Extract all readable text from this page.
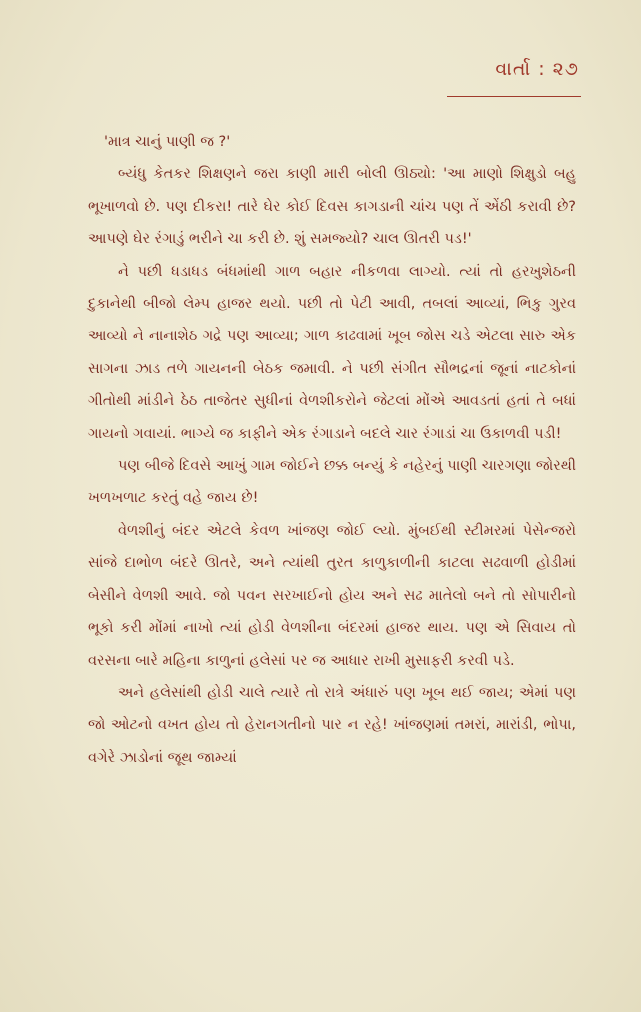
વાર્તા : ૨૭

'માત્ર ચાનું પાણી જ ?'

બ્યંધુ કેતકર શિક્ષણને જરા કાણી મારી બોલી ઊઠ્યો: 'આ માણો શિક્ષુડો બહુ ભૂખાળવો છે. પણ દીકરા! તારે ઘેર કોઈ દિવસ કાગડાની ચાંચ પણ તેં એંઠી કરાવી છે? આપણે ઘેર રંગાડું ભરીને ચા કરી છે. શું સમજ્યો? ચાલ ઊતરી પડ!'

ને પછી ધડાધડ બંધમાંથી ગાળ બહાર નીકળવા લાગ્યો. ત્યાં તો હરખુશેઠની દુકાનેથી બીજો લેમ્પ હાજર થયો. પછી તો પેટી આવી, તબલાં આવ્યાં, ભિકુ ગુરવ આવ્યો ને નાનાશેઠ ગદ્રે પણ આવ્યા; ગાળ કાઢવામાં ખૂબ જોસ ચડે એટલા સારુ એક સાગના ઝાડ તળે ગાયનની બેઠક જમાવી. ને પછી સંગીત સૌભદ્રનાં જૂનાં નાટકોનાં ગીતોથી માંડીને ઠેઠ તાજેતર સુધીનાં વેળશીકરોને જેટલાં મોંએ આવડતાં હતાં તે બધાં ગાયનો ગવાયાં. ભાગ્યે જ કાફીને એક રંગાડાને બદલે ચાર રંગાડાં ચા ઉકાળવી પડી!

પણ બીજે દિવસે આખું ગામ જોઈને છક્ક બન્યું કે નહેરનું પાણી ચારગણા જોરથી ખળખળાટ કરતું વહે જાય છે!

વેળશીનું બંદર એટલે કેવળ ખાંજણ જોઈ લ્યો. મુંબઈથી સ્ટીમરમાં પેસેન્જરો સાંજે દાભોળ બંદરે ઊતરે, અને ત્યાંથી તુરત કાળુકાળીની કાટલા સઢવાળી હોડીમાં બેસીને વેળશી આવે. જો પવન સરખાઈનો હોય અને સઢ માતેલો બને તો સોપારીનો ભૂકો કરી મોંમાં નાખો ત્યાં હોડી વેળશીના બંદરમાં હાજર થાય. પણ એ સિવાય તો વરસના બારે મહિના કાળુનાં હલેસાં પર જ આધાર રાખી મુસાફરી કરવી પડે.

અને હલેસાંથી હોડી ચાલે ત્યારે તો રાત્રે અંધારું પણ ખૂબ થઈ જાય; એમાં પણ જો ઓટનો વખત હોય તો હેરાનગતીનો પાર ન રહે! ખાંજણમાં તમરાં, મારાંડી, ભોપા, વગેરે ઝાડોનાં જૂથ જામ્યાં
